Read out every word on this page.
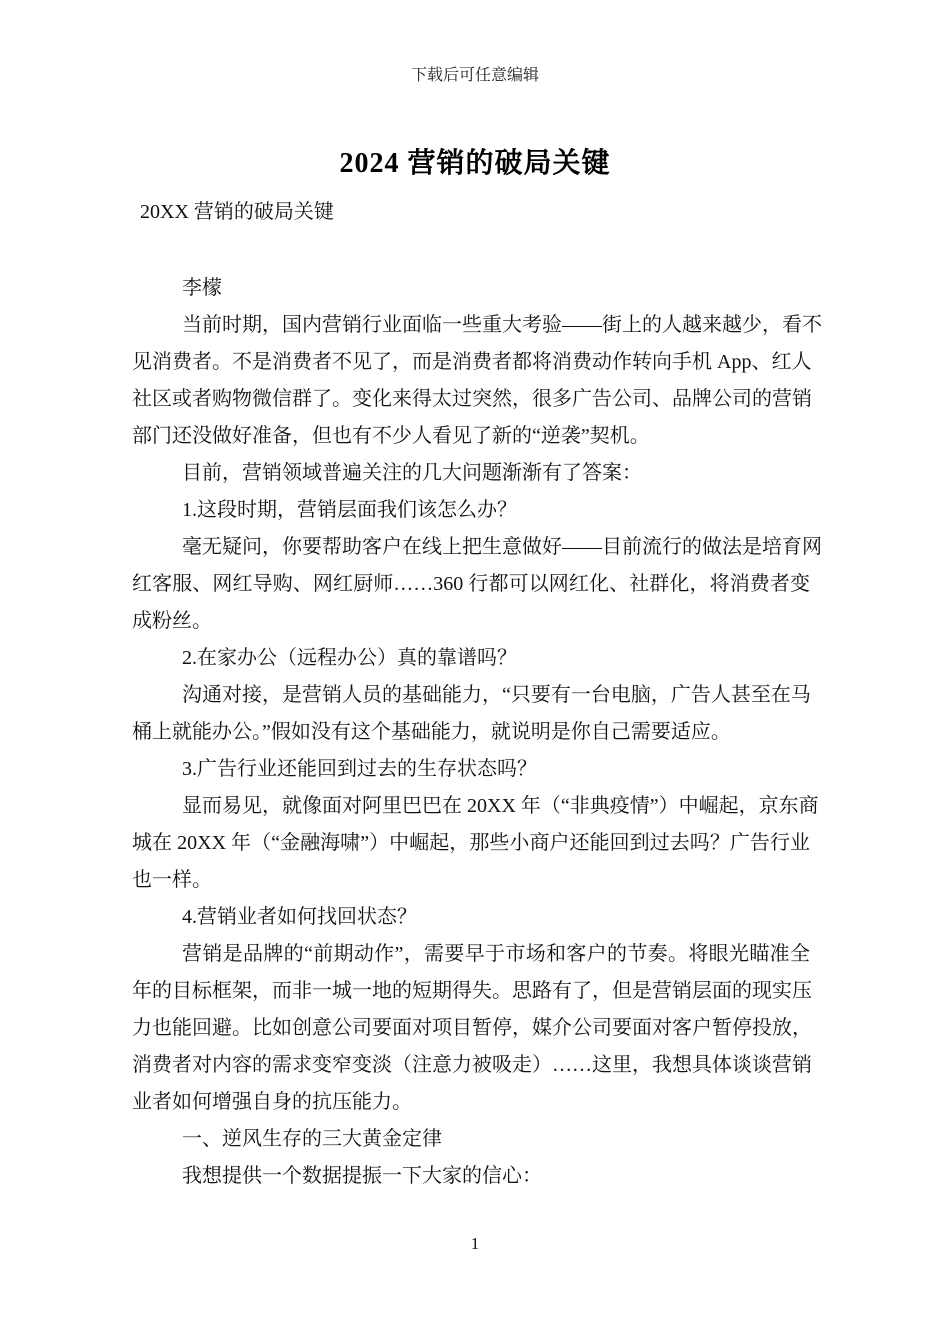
下载后可任意编辑
2024 营销的破局关键
20XX 营销的破局关键
李檬
当前时期，国内营销行业面临一些重大考验——街上的人越来越少，看不
见消费者。不是消费者不见了，而是消费者都将消费动作转向手机 App、红人
社区或者购物微信群了。变化来得太过突然，很多广告公司、品牌公司的营销
部门还没做好准备，但也有不少人看见了新的“逆袭”契机。
目前，营销领域普遍关注的几大问题渐渐有了答案：
1.这段时期，营销层面我们该怎么办？
毫无疑问，你要帮助客户在线上把生意做好——目前流行的做法是培育网
红客服、网红导购、网红厨师……360 行都可以网红化、社群化，将消费者变
成粉丝。
2.在家办公（远程办公）真的靠谱吗？
沟通对接，是营销人员的基础能力，“只要有一台电脑，广告人甚至在马
桶上就能办公。”假如没有这个基础能力，就说明是你自己需要适应。
3.广告行业还能回到过去的生存状态吗？
显而易见，就像面对阿里巴巴在 20XX 年（“非典疫情”）中崛起，京东商
城在 20XX 年（“金融海啸”）中崛起，那些小商户还能回到过去吗？广告行业
也一样。
4.营销业者如何找回状态？
营销是品牌的“前期动作”，需要早于市场和客户的节奏。将眼光瞄准全
年的目标框架，而非一城一地的短期得失。思路有了，但是营销层面的现实压
力也能回避。比如创意公司要面对项目暂停，媒介公司要面对客户暂停投放，
消费者对内容的需求变窄变淡（注意力被吸走）……这里，我想具体谈谈营销
业者如何增强自身的抗压能力。
一、逆风生存的三大黄金定律
我想提供一个数据提振一下大家的信心：
1
